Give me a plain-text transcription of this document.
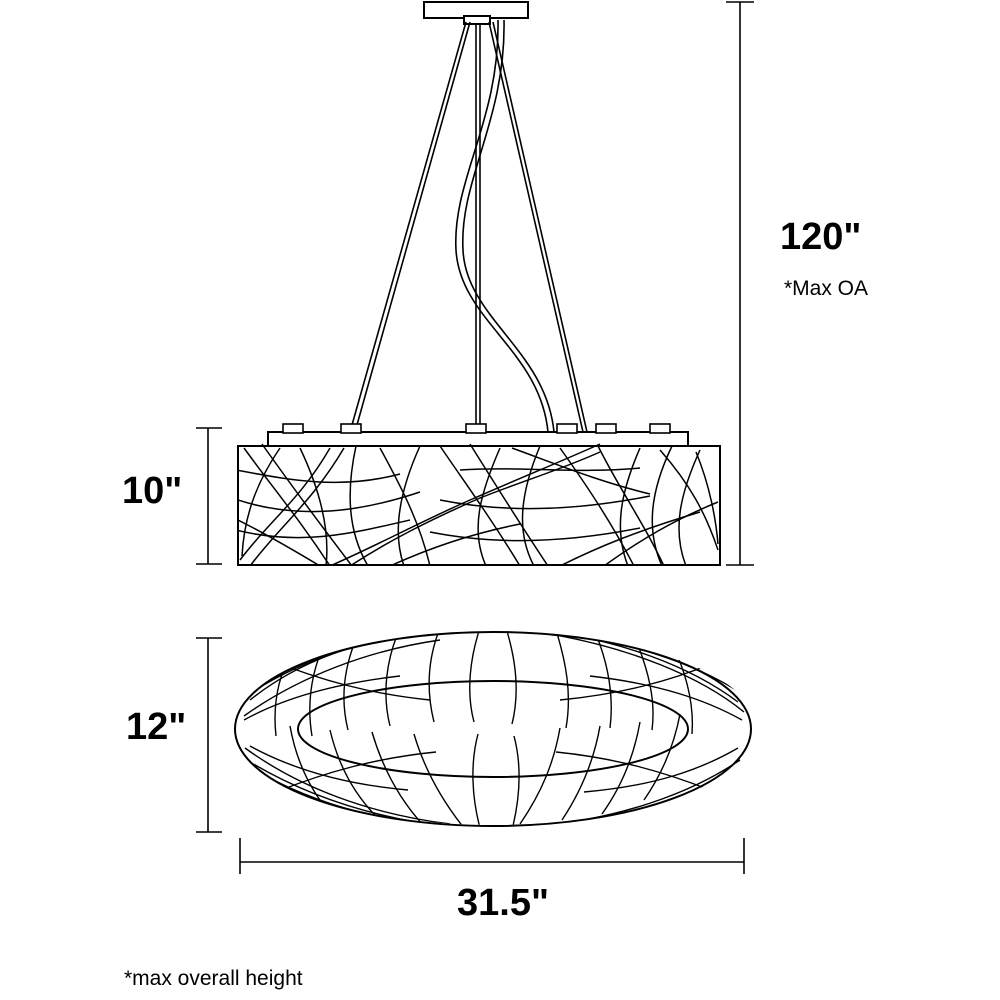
120"
*Max OA
10"
12"
31.5"
*max overall height
